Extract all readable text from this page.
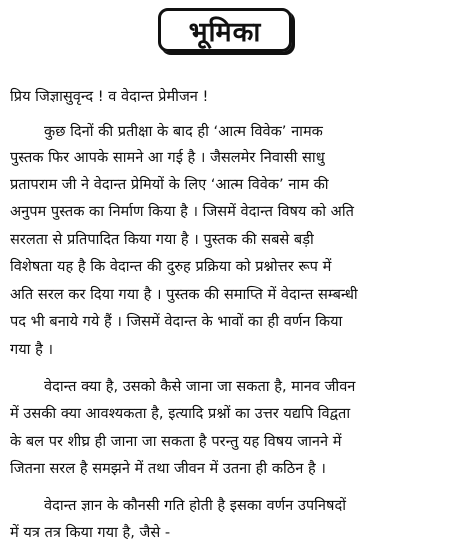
भूमिका
प्रिय जिज्ञासुवृन्द ! व वेदान्त प्रेमीजन !
कुछ दिनों की प्रतीक्षा के बाद ही ‘आत्म विवेक’ नामक
पुस्तक फिर आपके सामने आ गई है । जैसलमेर निवासी साधु
प्रतापराम जी ने वेदान्त प्रेमियों के लिए ‘आत्म विवेक’ नाम की
अनुपम पुस्तक का निर्माण किया है । जिसमें वेदान्त विषय को अति
सरलता से प्रतिपादित किया गया है । पुस्तक की सबसे बड़ी
विशेषता यह है कि वेदान्त की दुरुह प्रक्रिया को प्रश्नोत्तर रूप में
अति सरल कर दिया गया है । पुस्तक की समाप्ति में वेदान्त सम्बन्धी
पद भी बनाये गये हैं । जिसमें वेदान्त के भावों का ही वर्णन किया
गया है ।
वेदान्त क्या है, उसको कैसे जाना जा सकता है, मानव जीवन
में उसकी क्या आवश्यकता है, इत्यादि प्रश्नों का उत्तर यद्यपि विद्वता
के बल पर शीघ्र ही जाना जा सकता है परन्तु यह विषय जानने में
जितना सरल है समझने में तथा जीवन में उतना ही कठिन है ।
वेदान्त ज्ञान के कौनसी गति होती है इसका वर्णन उपनिषदों
में यत्र तत्र किया गया है, जैसे -
